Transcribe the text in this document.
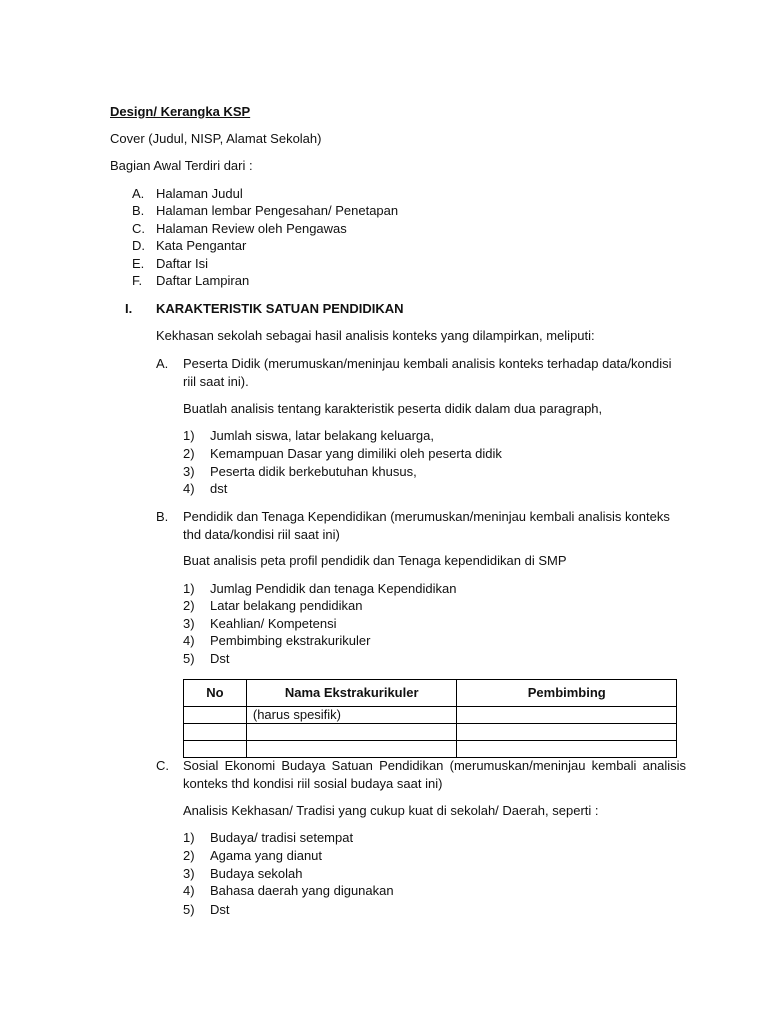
Design/ Kerangka KSP
Cover (Judul, NISP, Alamat Sekolah)
Bagian Awal Terdiri dari :
A. Halaman Judul
B. Halaman lembar Pengesahan/ Penetapan
C. Halaman Review oleh Pengawas
D. Kata Pengantar
E. Daftar Isi
F. Daftar Lampiran
I. KARAKTERISTIK SATUAN PENDIDIKAN
Kekhasan sekolah sebagai hasil analisis konteks yang dilampirkan, meliputi:
A. Peserta Didik (merumuskan/meninjau kembali analisis konteks terhadap data/kondisi riil saat ini).
Buatlah analisis tentang karakteristik peserta didik dalam dua paragraph,
1) Jumlah siswa, latar belakang keluarga,
2) Kemampuan Dasar yang dimiliki oleh peserta didik
3) Peserta didik berkebutuhan khusus,
4) dst
B. Pendidik dan Tenaga Kependidikan (merumuskan/meninjau kembali analisis konteks thd data/kondisi riil saat ini)
Buat analisis peta profil pendidik dan Tenaga kependidikan di SMP
1) Jumlag Pendidik dan tenaga Kependidikan
2) Latar belakang pendidikan
3) Keahlian/ Kompetensi
4) Pembimbing ekstrakurikuler
5) Dst
No	Nama Ekstrakurikuler	Pembimbing
	(harus spesifik)	

C. Sosial Ekonomi Budaya Satuan Pendidikan (merumuskan/meninjau kembali analisis konteks thd kondisi riil sosial budaya saat ini)
Analisis Kekhasan/ Tradisi yang cukup kuat di sekolah/ Daerah, seperti :
1) Budaya/ tradisi setempat
2) Agama yang dianut
3) Budaya sekolah
4) Bahasa daerah yang digunakan
5) Dst
